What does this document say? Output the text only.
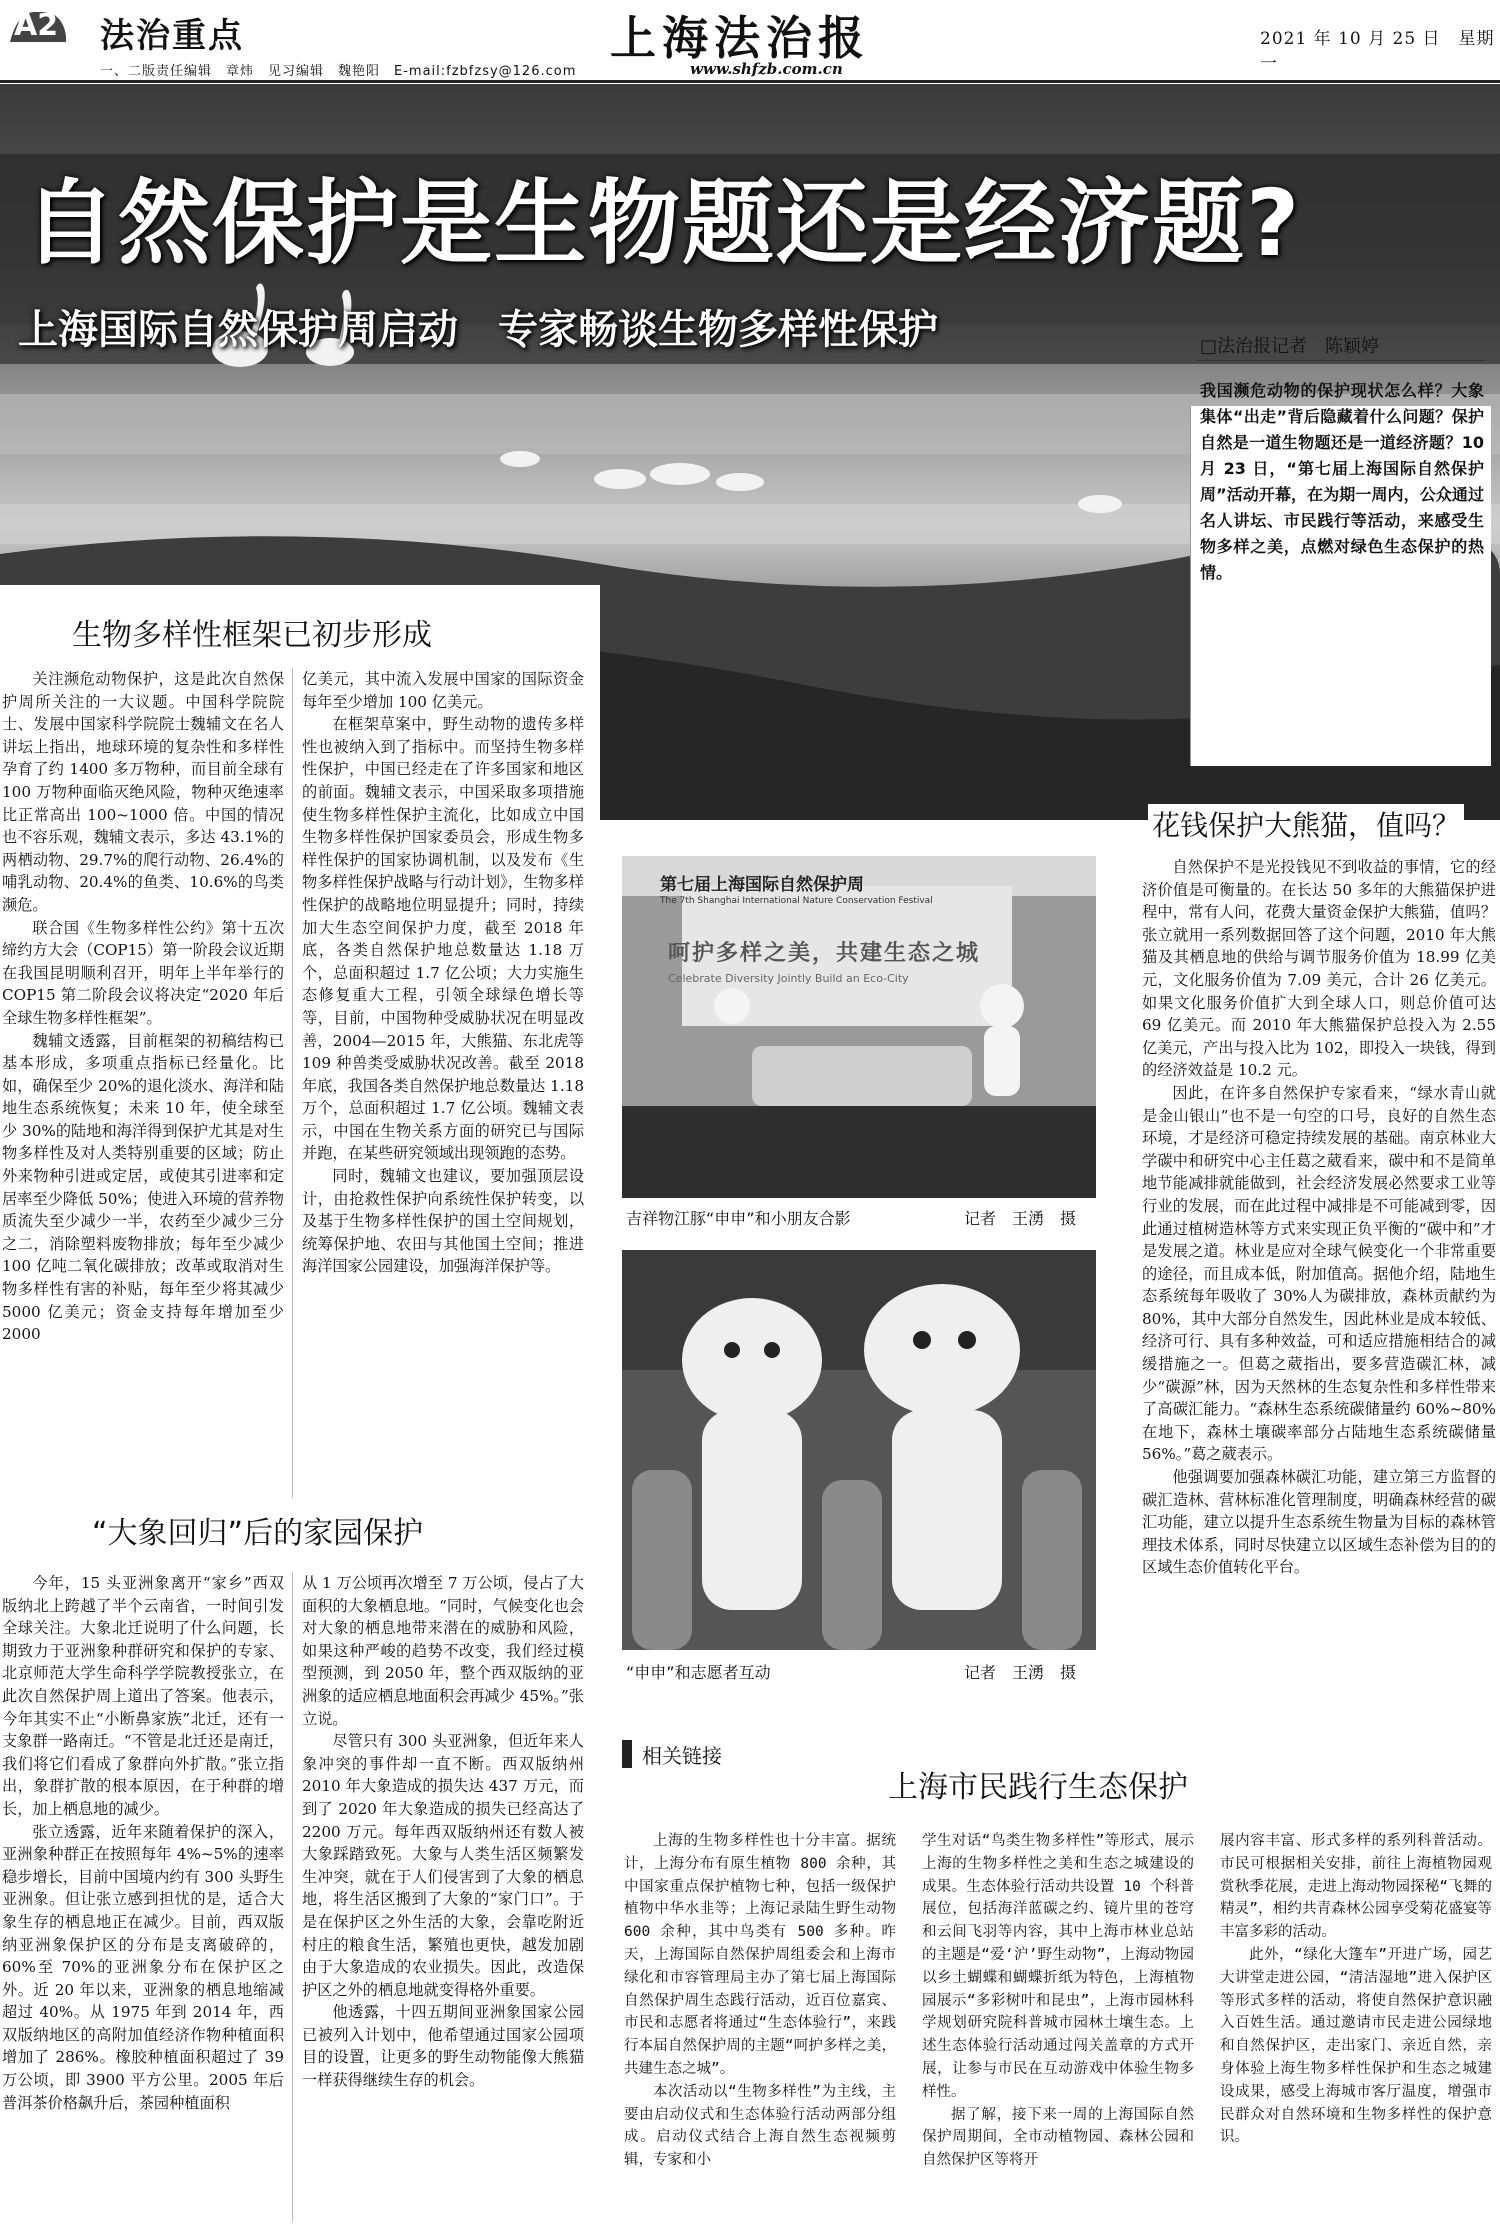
A2 法治重点
一、二版责任编辑　章炜　见习编辑　魏艳阳　E-mail:fzbfzsy@126.com
上海法治报
www.shfzb.com.cn
2021 年 10 月 25 日　星期一
自然保护是生物题还是经济题?
上海国际自然保护周启动　专家畅谈生物多样性保护	□法治报记者　陈颖婷
我国濒危动物的保护现状怎么样？大象集体“出走”背后隐藏着什么问题？保护自然是一道生物题还是一道经济题？10 月 23 日，“第七届上海国际自然保护周”活动开幕，在为期一周内，公众通过名人讲坛、市民践行等活动，来感受生物多样之美，点燃对绿色生态保护的热情。
生物多样性框架已初步形成

关注濒危动物保护，这是此次自然保护周所关注的一大议题。中国科学院院士、发展中国家科学院院士魏辅文在名人讲坛上指出，地球环境的复杂性和多样性孕育了约 1400 多万物种，而目前全球有 100 万物种面临灭绝风险，物种灭绝速率比正常高出 100~1000 倍。中国的情况也不容乐观，魏辅文表示，多达 43.1%的两栖动物、29.7%的爬行动物、26.4%的哺乳动物、20.4%的鱼类、10.6%的鸟类濒危。

联合国《生物多样性公约》第十五次缔约方大会（COP15）第一阶段会议近期在我国昆明顺利召开，明年上半年举行的 COP15 第二阶段会议将决定“2020 年后全球生物多样性框架”。

魏辅文透露，目前框架的初稿结构已基本形成，多项重点指标已经量化。比如，确保至少 20%的退化淡水、海洋和陆地生态系统恢复；未来 10 年，使全球至少 30%的陆地和海洋得到保护尤其是对生物多样性及对人类特别重要的区域；防止外来物种引进或定居，或使其引进率和定居率至少降低 50%；使进入环境的营养物质流失至少减少一半，农药至少减少三分之二，消除塑料废物排放；每年至少减少 100 亿吨二氧化碳排放；改革或取消对生物多样性有害的补贴，每年至少将其减少 5000 亿美元；资金支持每年增加至少 2000

亿美元，其中流入发展中国家的国际资金每年至少增加 100 亿美元。

在框架草案中，野生动物的遗传多样性也被纳入到了指标中。而坚持生物多样性保护，中国已经走在了许多国家和地区的前面。魏辅文表示，中国采取多项措施使生物多样性保护主流化，比如成立中国生物多样性保护国家委员会，形成生物多样性保护的国家协调机制，以及发布《生物多样性保护战略与行动计划》，生物多样性保护的战略地位明显提升；同时，持续加大生态空间保护力度，截至 2018 年底，各类自然保护地总数量达 1.18 万个，总面积超过 1.7 亿公顷；大力实施生态修复重大工程，引领全球绿色增长等等，目前，中国物种受威胁状况在明显改善，2004—2015 年，大熊猫、东北虎等 109 种兽类受威胁状况改善。截至 2018 年底，我国各类自然保护地总数量达 1.18 万个，总面积超过 1.7 亿公顷。魏辅文表示，中国在生物关系方面的研究已与国际并跑，在某些研究领域出现领跑的态势。

同时，魏辅文也建议，要加强顶层设计，由抢救性保护向系统性保护转变，以及基于生物多样性保护的国土空间规划，统筹保护地、农田与其他国土空间；推进海洋国家公园建设，加强海洋保护等。

“大象回归”后的家园保护

今年，15 头亚洲象离开“家乡”西双版纳北上跨越了半个云南省，一时间引发全球关注。大象北迁说明了什么问题，长期致力于亚洲象种群研究和保护的专家、北京师范大学生命科学学院教授张立，在此次自然保护周上道出了答案。他表示，今年其实不止“小断鼻家族”北迁，还有一支象群一路南迁。“不管是北迁还是南迁，我们将它们看成了象群向外扩散。”张立指出，象群扩散的根本原因，在于种群的增长，加上栖息地的减少。

张立透露，近年来随着保护的深入，亚洲象种群正在按照每年 4%~5%的速率稳步增长，目前中国境内约有 300 头野生亚洲象。但让张立感到担忧的是，适合大象生存的栖息地正在减少。目前，西双版纳亚洲象保护区的分布是支离破碎的，60%至 70%的亚洲象分布在保护区之外。近 20 年以来，亚洲象的栖息地缩减超过 40%。从 1975 年到 2014 年，西双版纳地区的高附加值经济作物种植面积增加了 286%。橡胶种植面积超过了 39 万公顷，即 3900 平方公里。2005 年后普洱茶价格飙升后，茶园种植面积

从 1 万公顷再次增至 7 万公顷，侵占了大面积的大象栖息地。“同时，气候变化也会对大象的栖息地带来潜在的威胁和风险，如果这种严峻的趋势不改变，我们经过模型预测，到 2050 年，整个西双版纳的亚洲象的适应栖息地面积会再减少 45%。”张立说。

尽管只有 300 头亚洲象，但近年来人象冲突的事件却一直不断。西双版纳州 2010 年大象造成的损失达 437 万元，而到了 2020 年大象造成的损失已经高达了 2200 万元。每年西双版纳州还有数人被大象踩踏致死。大象与人类生活区频繁发生冲突，就在于人们侵害到了大象的栖息地，将生活区搬到了大象的“家门口”。于是在保护区之外生活的大象，会靠吃附近村庄的粮食生活，繁殖也更快，越发加剧由于大象造成的农业损失。因此，改造保护区之外的栖息地就变得格外重要。

他透露，十四五期间亚洲象国家公园已被列入计划中，他希望通过国家公园项目的设置，让更多的野生动物能像大熊猫一样获得继续生存的机会。

第七届上海国际自然保护周
The 7th Shanghai International Nature Conservation Festival
呵护多样之美，共建生态之城
Celebrate Diversity Jointly Build an Eco-City
吉祥物江豚“申申”和小朋友合影	记者　王湧　摄
“申申”和志愿者互动	记者　王湧　摄
花钱保护大熊猫，值吗？

自然保护不是光投钱见不到收益的事情，它的经济价值是可衡量的。在长达 50 多年的大熊猫保护进程中，常有人问，花费大量资金保护大熊猫，值吗？张立就用一系列数据回答了这个问题，2010 年大熊猫及其栖息地的供给与调节服务价值为 18.99 亿美元，文化服务价值为 7.09 美元，合计 26 亿美元。如果文化服务价值扩大到全球人口，则总价值可达 69 亿美元。而 2010 年大熊猫保护总投入为 2.55 亿美元，产出与投入比为 102，即投入一块钱，得到的经济效益是 10.2 元。

因此，在许多自然保护专家看来，“绿水青山就是金山银山”也不是一句空的口号，良好的自然生态环境，才是经济可稳定持续发展的基础。南京林业大学碳中和研究中心主任葛之葳看来，碳中和不是简单地节能减排就能做到，社会经济发展必然要求工业等行业的发展，而在此过程中减排是不可能减到零，因此通过植树造林等方式来实现正负平衡的“碳中和”才是发展之道。林业是应对全球气候变化一个非常重要的途径，而且成本低，附加值高。据他介绍，陆地生态系统每年吸收了 30%人为碳排放，森林贡献约为 80%，其中大部分自然发生，因此林业是成本较低、经济可行、具有多种效益，可和适应措施相结合的减缓措施之一。但葛之葳指出，要多营造碳汇林，减少“碳源”林，因为天然林的生态复杂性和多样性带来了高碳汇能力。“森林生态系统碳储量约 60%~80%在地下，森林土壤碳率部分占陆地生态系统碳储量 56%。”葛之葳表示。

他强调要加强森林碳汇功能，建立第三方监督的碳汇造林、营林标准化管理制度，明确森林经营的碳汇功能，建立以提升生态系统生物量为目标的森林管理技术体系，同时尽快建立以区域生态补偿为目的的区域生态价值转化平台。

相关链接
上海市民践行生态保护

上海的生物多样性也十分丰富。据统计，上海分布有原生植物 800 余种，其中国家重点保护植物七种，包括一级保护植物中华水韭等；上海记录陆生野生动物 600 余种，其中鸟类有 500 多种。昨天，上海国际自然保护周组委会和上海市绿化和市容管理局主办了第七届上海国际自然保护周生态践行活动，近百位嘉宾、市民和志愿者将通过“生态体验行”，来践行本届自然保护周的主题“呵护多样之美，共建生态之城”。

本次活动以“生物多样性”为主线，主要由启动仪式和生态体验行活动两部分组成。启动仪式结合上海自然生态视频剪辑，专家和小

学生对话“鸟类生物多样性”等形式，展示上海的生物多样性之美和生态之城建设的成果。生态体验行活动共设置 10 个科普展位，包括海洋蓝碳之约、镜片里的苍穹和云间飞羽等内容，其中上海市林业总站的主题是“爱‘沪’野生动物”，上海动物园以乡土蝴蝶和蝴蝶折纸为特色，上海植物园展示“多彩树叶和昆虫”，上海市园林科学规划研究院科普城市园林土壤生态。上述生态体验行活动通过闯关盖章的方式开展，让参与市民在互动游戏中体验生物多样性。

据了解，接下来一周的上海国际自然保护周期间，全市动植物园、森林公园和自然保护区等将开

展内容丰富、形式多样的系列科普活动。市民可根据相关安排，前往上海植物园观赏秋季花展，走进上海动物园探秘“飞舞的精灵”，相约共青森林公园享受菊花盛宴等丰富多彩的活动。

此外，“绿化大篷车”开进广场，园艺大讲堂走进公园，“清洁湿地”进入保护区等形式多样的活动，将使自然保护意识融入百姓生活。通过邀请市民走进公园绿地和自然保护区，走出家门、亲近自然，亲身体验上海生物多样性保护和生态之城建设成果，感受上海城市客厅温度，增强市民群众对自然环境和生物多样性的保护意识。
